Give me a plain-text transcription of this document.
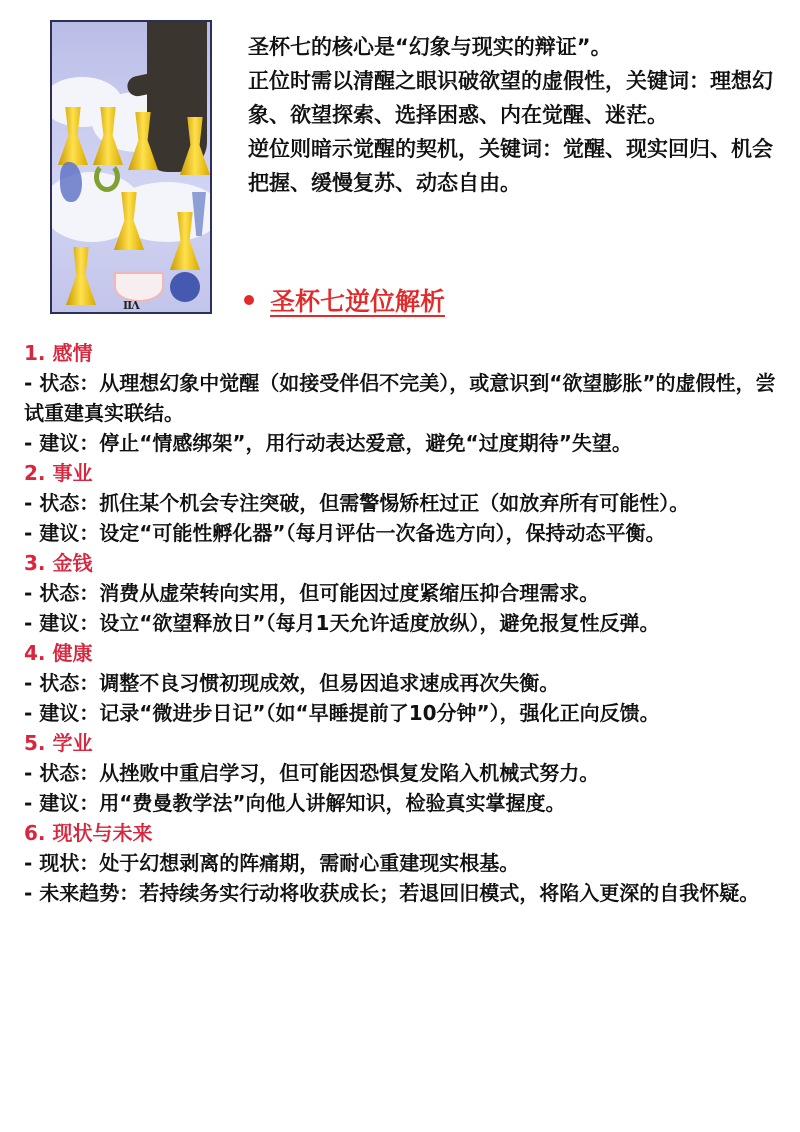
VII

圣杯七的核心是“幻象与现实的辩证”。

正位时需以清醒之眼识破欲望的虚假性，关键词：理想幻象、欲望探索、选择困惑、内在觉醒、迷茫。

逆位则暗示觉醒的契机，关键词：觉醒、现实回归、机会把握、缓慢复苏、动态自由。

圣杯七逆位解析

1. 感情

- 状态：从理想幻象中觉醒（如接受伴侣不完美），或意识到“欲望膨胀”的虚假性，尝试重建真实联结。

- 建议：停止“情感绑架”，用行动表达爱意，避免“过度期待”失望。

2. 事业

- 状态：抓住某个机会专注突破，但需警惕矫枉过正（如放弃所有可能性）。

- 建议：设定“可能性孵化器”（每月评估一次备选方向），保持动态平衡。

3. 金钱

- 状态：消费从虚荣转向实用，但可能因过度紧缩压抑合理需求。

- 建议：设立“欲望释放日”（每月1天允许适度放纵），避免报复性反弹。

4. 健康

- 状态：调整不良习惯初现成效，但易因追求速成再次失衡。

- 建议：记录“微进步日记”（如“早睡提前了10分钟”），强化正向反馈。

5. 学业

- 状态：从挫败中重启学习，但可能因恐惧复发陷入机械式努力。

- 建议：用“费曼教学法”向他人讲解知识，检验真实掌握度。

6. 现状与未来

- 现状：处于幻想剥离的阵痛期，需耐心重建现实根基。

- 未来趋势：若持续务实行动将收获成长；若退回旧模式，将陷入更深的自我怀疑。
